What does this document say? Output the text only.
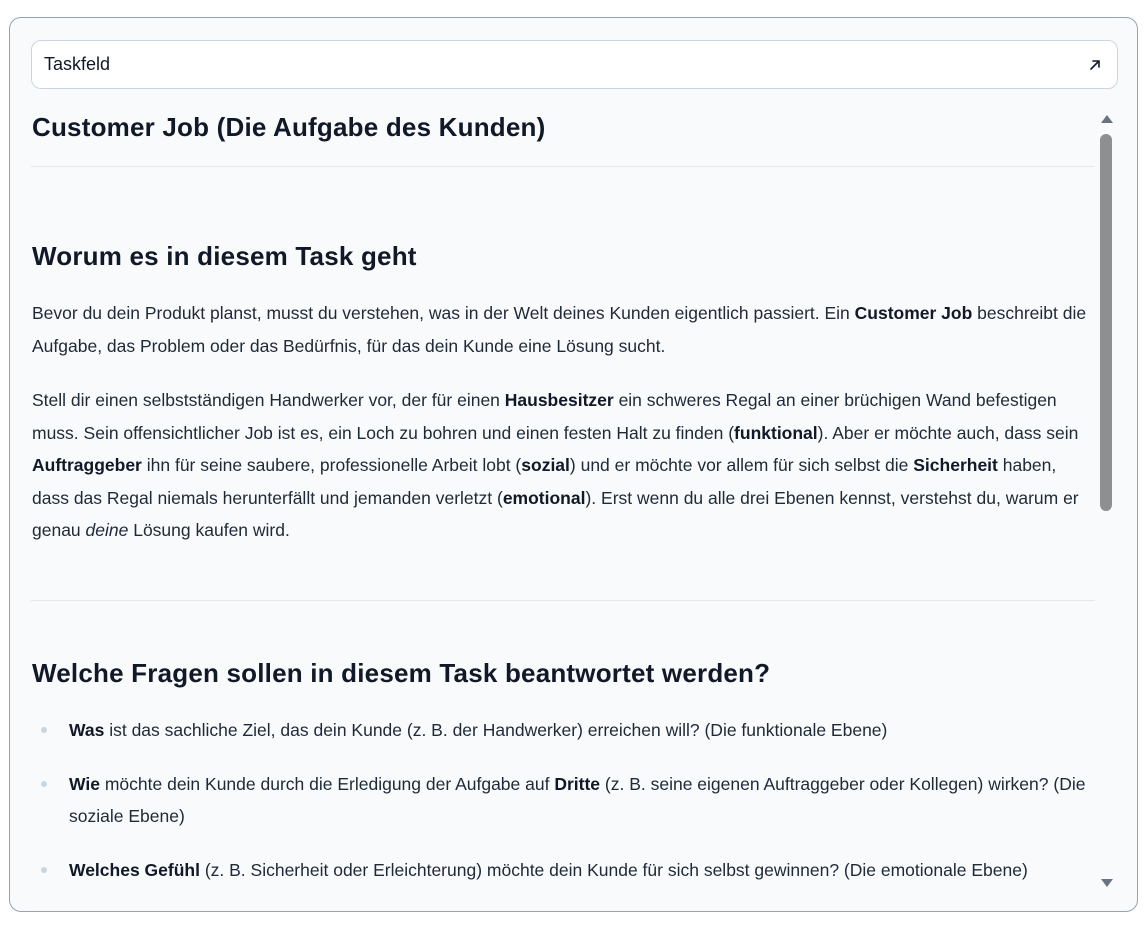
Taskfeld
Customer Job (Die Aufgabe des Kunden)
Worum es in diesem Task geht

Bevor du dein Produkt planst, musst du verstehen, was in der Welt deines Kunden eigentlich passiert. Ein Customer Job beschreibt die Aufgabe, das Problem oder das Bedürfnis, für das dein Kunde eine Lösung sucht.

Stell dir einen selbstständigen Handwerker vor, der für einen Hausbesitzer ein schweres Regal an einer brüchigen Wand befestigen muss. Sein offensichtlicher Job ist es, ein Loch zu bohren und einen festen Halt zu finden (funktional). Aber er möchte auch, dass sein Auftraggeber ihn für seine saubere, professionelle Arbeit lobt (sozial) und er möchte vor allem für sich selbst die Sicherheit haben, dass das Regal niemals herunterfällt und jemanden verletzt (emotional). Erst wenn du alle drei Ebenen kennst, verstehst du, warum er genau deine Lösung kaufen wird.

Welche Fragen sollen in diesem Task beantwortet werden?
Was ist das sachliche Ziel, das dein Kunde (z. B. der Handwerker) erreichen will? (Die funktionale Ebene)
Wie möchte dein Kunde durch die Erledigung der Aufgabe auf Dritte (z. B. seine eigenen Auftraggeber oder Kollegen) wirken? (Die soziale Ebene)
Welches Gefühl (z. B. Sicherheit oder Erleichterung) möchte dein Kunde für sich selbst gewinnen? (Die emotionale Ebene)
